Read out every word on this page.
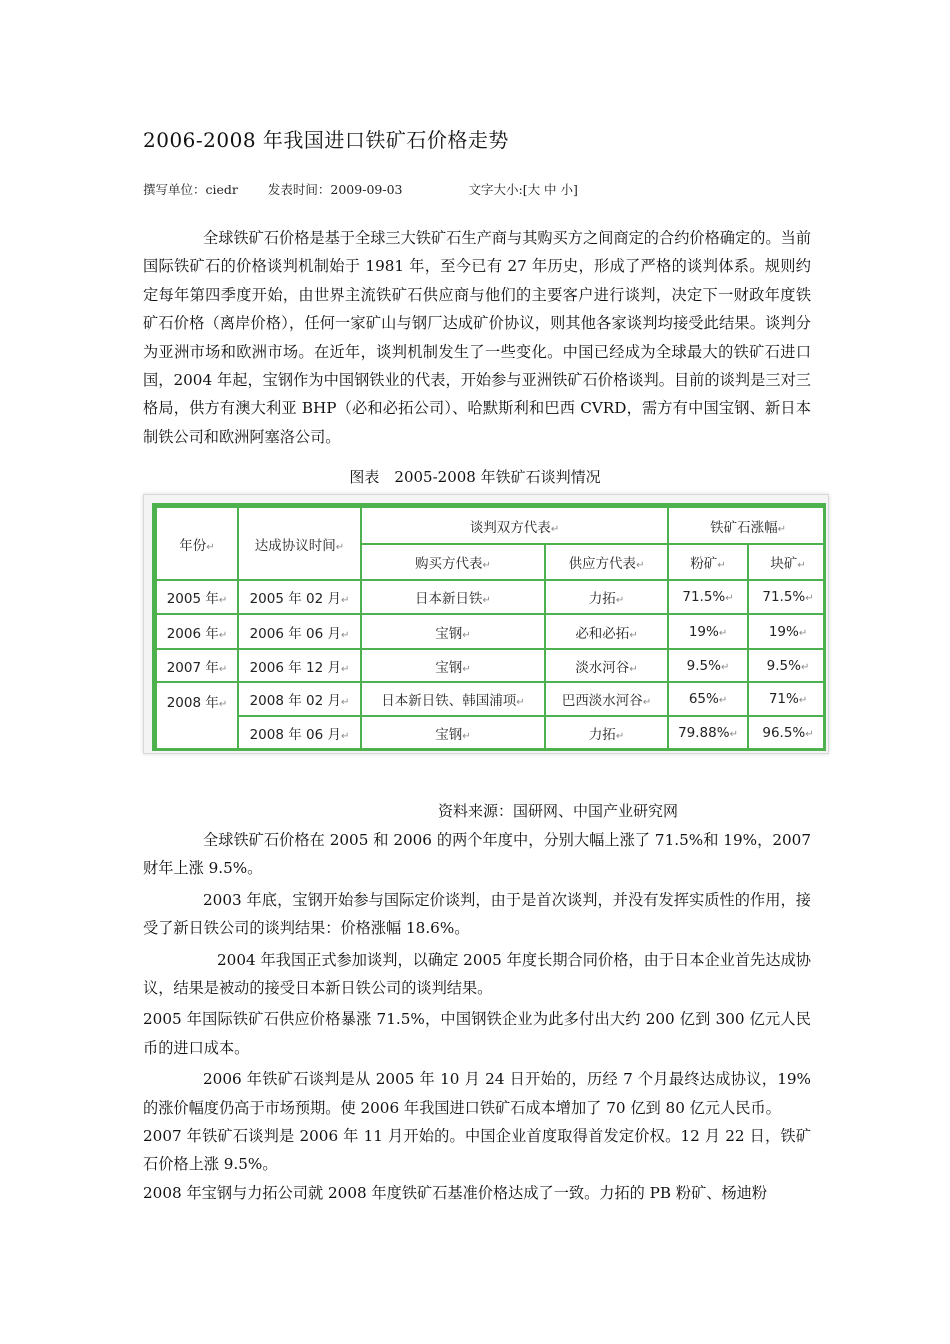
2006-2008 年我国进口铁矿石价格走势
撰写单位：ciedr 发表时间：2009-09-03	文字大小:[大 中 小]

全球铁矿石价格是基于全球三大铁矿石生产商与其购买方之间商定的合约价格确定的。当前国际铁矿石的价格谈判机制始于 1981 年，至今已有 27 年历史，形成了严格的谈判体系。规则约定每年第四季度开始，由世界主流铁矿石供应商与他们的主要客户进行谈判，决定下一财政年度铁矿石价格（离岸价格），任何一家矿山与钢厂达成矿价协议，则其他各家谈判均接受此结果。谈判分为亚洲市场和欧洲市场。在近年，谈判机制发生了一些变化。中国已经成为全球最大的铁矿石进口国，2004 年起，宝钢作为中国钢铁业的代表，开始参与亚洲铁矿石价格谈判。目前的谈判是三对三格局，供方有澳大利亚 BHP（必和必拓公司）、哈默斯利和巴西 CVRD，需方有中国宝钢、新日本制铁公司和欧洲阿塞洛公司。

图表　2005-2008 年铁矿石谈判情况
年份↵	达成协议时间↵	谈判双方代表↵		铁矿石涨幅↵	
		购买方代表↵	供应方代表↵	粉矿↵	块矿↵
2005 年↵	2005 年 02 月↵	日本新日铁↵	力拓↵	71.5%↵	71.5%↵
2006 年↵	2006 年 06 月↵	宝钢↵	必和必拓↵	19%↵	19%↵
2007 年↵	2006 年 12 月↵	宝钢↵	淡水河谷↵	9.5%↵	9.5%↵
2008 年↵	2008 年 02 月↵	日本新日铁、韩国浦项↵	巴西淡水河谷↵	65%↵	71%↵
	2008 年 06 月↵	宝钢↵	力拓↵	79.88%↵	96.5%↵
资料来源：国研网、中国产业研究网

全球铁矿石价格在 2005 和 2006 的两个年度中，分别大幅上涨了 71.5%和 19%，2007 财年上涨 9.5%。

2003 年底，宝钢开始参与国际定价谈判，由于是首次谈判，并没有发挥实质性的作用，接受了新日铁公司的谈判结果：价格涨幅 18.6%。

2004 年我国正式参加谈判，以确定 2005 年度长期合同价格，由于日本企业首先达成协议，结果是被动的接受日本新日铁公司的谈判结果。

2005 年国际铁矿石供应价格暴涨 71.5%，中国钢铁企业为此多付出大约 200 亿到 300 亿元人民币的进口成本。

2006 年铁矿石谈判是从 2005 年 10 月 24 日开始的，历经 7 个月最终达成协议，19%的涨价幅度仍高于市场预期。使 2006 年我国进口铁矿石成本增加了 70 亿到 80 亿元人民币。

2007 年铁矿石谈判是 2006 年 11 月开始的。中国企业首度取得首发定价权。12 月 22 日，铁矿石价格上涨 9.5%。

2008 年宝钢与力拓公司就 2008 年度铁矿石基准价格达成了一致。力拓的 PB 粉矿、杨迪粉
